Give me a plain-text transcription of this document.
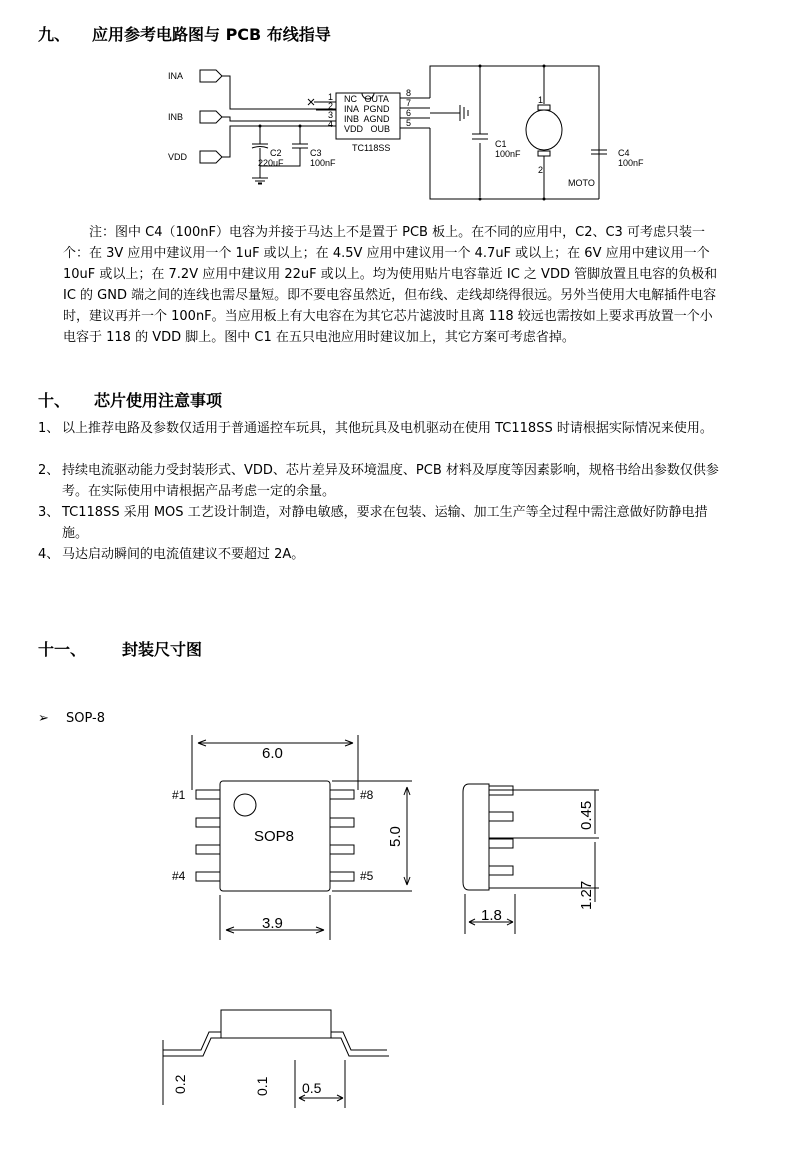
九、 应用参考电路图与 PCB 布线指导
INA
INB
VDD
1
2
3
4
8
7
6
5
NC   OUTA
INA  PGND
INB  AGND
VDD   OUB
TC118SS
C2
220uF
C3
100nF
C1
100nF	C4
100nF
1
2
MOTO
注：图中 C4（100nF）电容为并接于马达上不是置于 PCB 板上。在不同的应用中，C2、C3 可考虑只装一个：在 3V 应用中建议用一个 1uF 或以上；在 4.5V 应用中建议用一个 4.7uF 或以上；在 6V 应用中建议用一个 10uF 或以上；在 7.2V 应用中建议用 22uF 或以上。均为使用贴片电容靠近 IC 之 VDD 管脚放置且电容的负极和 IC 的 GND 端之间的连线也需尽量短。即不要电容虽然近，但布线、走线却绕得很远。另外当使用大电解插件电容时，建议再并一个 100nF。当应用板上有大电容在为其它芯片滤波时且离 118 较远也需按如上要求再放置一个小电容于 118 的 VDD 脚上。图中 C1 在五只电池应用时建议加上，其它方案可考虑省掉。
十、 芯片使用注意事项
1、 以上推荐电路及参数仅适用于普通遥控车玩具，其他玩具及电机驱动在使用 TC118SS 时请根据实际情况来使用。
2、 持续电流驱动能力受封装形式、VDD、芯片差异及环境温度、PCB 材料及厚度等因素影响，规格书给出参数仅供参考。在实际使用中请根据产品考虑一定的余量。
3、 TC118SS 采用 MOS 工艺设计制造，对静电敏感，要求在包装、运输、加工生产等全过程中需注意做好防静电措施。
4、 马达启动瞬间的电流值建议不要超过 2A。
十一、 封装尺寸图
➢ SOP-8
6.0
SOP8
#1
#4
#8
#5
3.9
5.0
0.45
1.27
1.8
0.2	0.1 0.5
